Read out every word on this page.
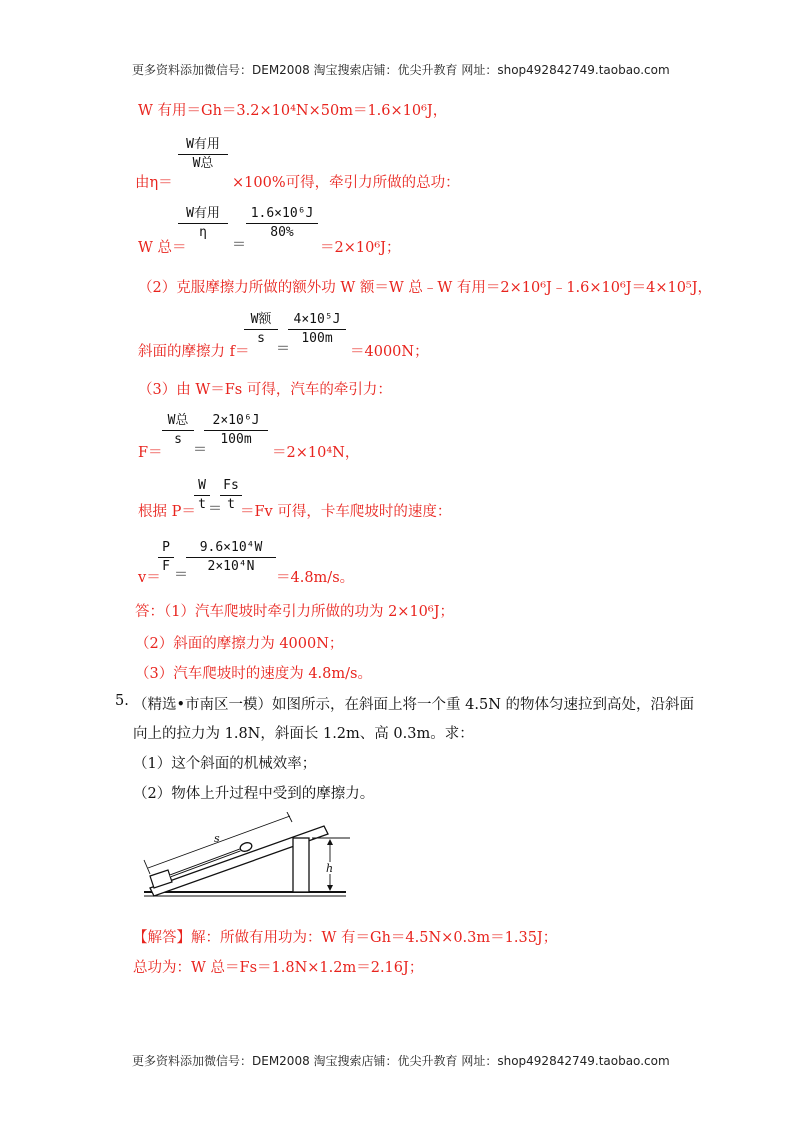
更多资料添加微信号：DEM2008 淘宝搜索店铺：优尖升教育 网址：shop492842749.taobao.com
W 有用＝Gh＝3.2×10⁴N×50m＝1.6×10⁶J，
由η＝
W有用
W总
×100%可得，牵引力所做的总功：
W 总＝
W有用
η
＝
1.6×10⁶J
80%
＝2×10⁶J；
（2）克服摩擦力所做的额外功 W 额＝W 总﹣W 有用＝2×10⁶J﹣1.6×10⁶J＝4×10⁵J，
斜面的摩擦力 f＝
W额
s
＝
4×10⁵J
100m
＝4000N；
（3）由 W＝Fs 可得，汽车的牵引力：
F＝
W总
s
＝
2×10⁶J
100m
＝2×10⁴N，
根据 P＝
W
t ＝
Fs
t ＝Fv 可得，卡车爬坡时的速度：
v＝
P
F
＝
9.6×10⁴W
2×10⁴N
＝4.8m/s。
答：（1）汽车爬坡时牵引力所做的功为 2×10⁶J；
（2）斜面的摩擦力为 4000N；
（3）汽车爬坡时的速度为 4.8m/s。
5. （精选•市南区一模）如图所示，在斜面上将一个重 4.5N 的物体匀速拉到高处，沿斜面
向上的拉力为 1.8N，斜面长 1.2m、高 0.3m。求：
（1）这个斜面的机械效率；
（2）物体上升过程中受到的摩擦力。
s
h
【解答】解：所做有用功为：W 有＝Gh＝4.5N×0.3m＝1.35J；
总功为：W 总＝Fs＝1.8N×1.2m＝2.16J；
更多资料添加微信号：DEM2008 淘宝搜索店铺：优尖升教育 网址：shop492842749.taobao.com
